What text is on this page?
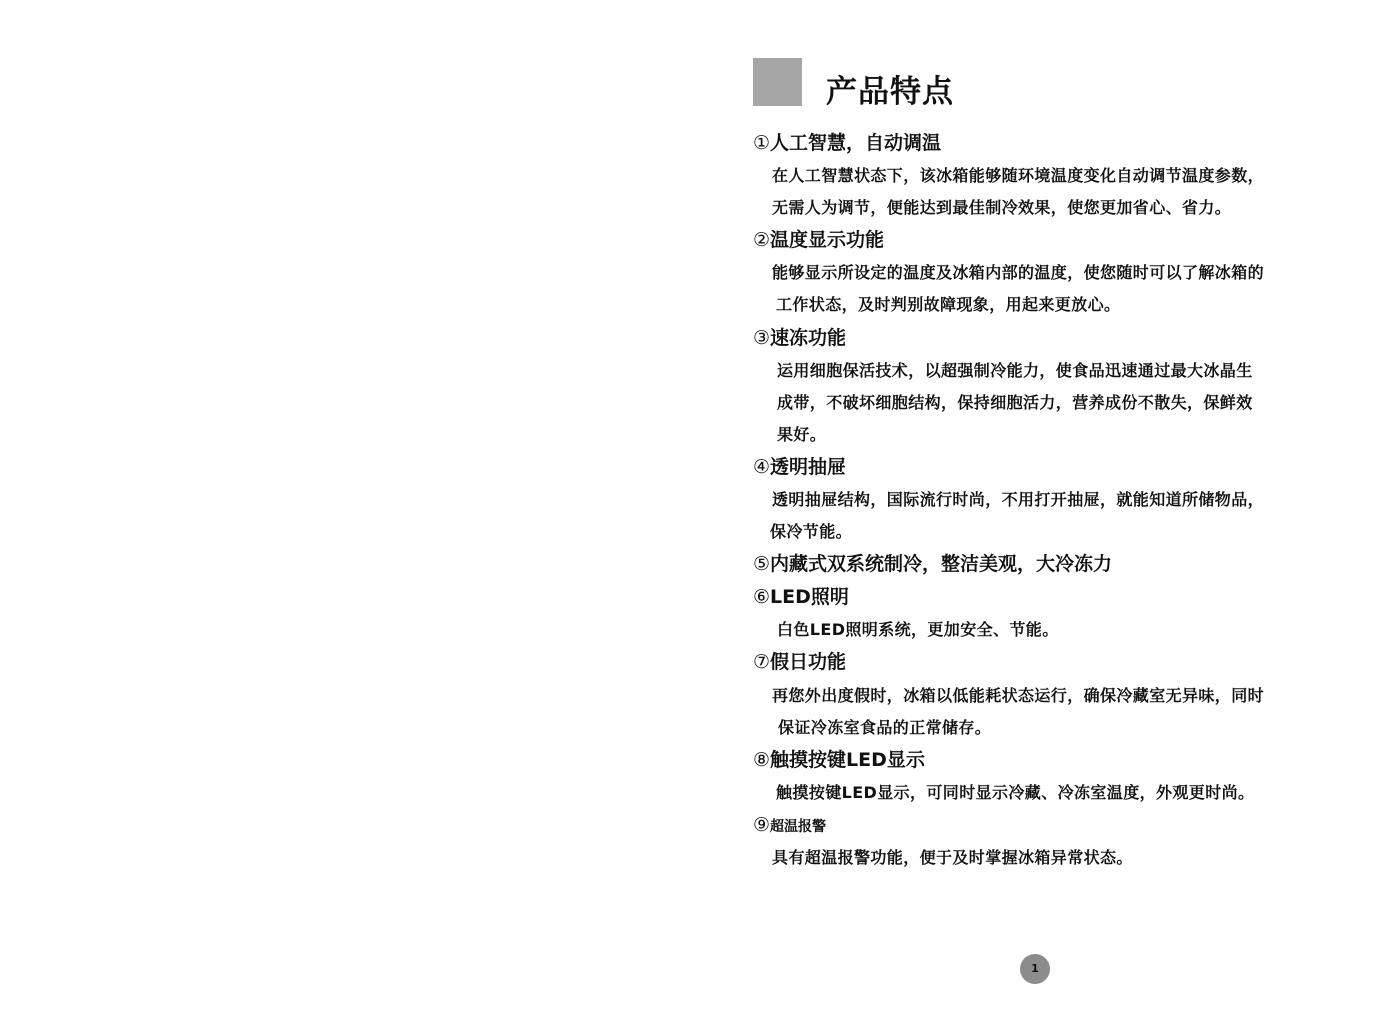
产品特点
①人工智慧，自动调温
在人工智慧状态下，该冰箱能够随环境温度变化自动调节温度参数，
无需人为调节，便能达到最佳制冷效果，使您更加省心、省力。
②温度显示功能
能够显示所设定的温度及冰箱内部的温度，使您随时可以了解冰箱的
工作状态，及时判别故障现象，用起来更放心。
③速冻功能
运用细胞保活技术，以超强制冷能力，使食品迅速通过最大冰晶生
成带，不破坏细胞结构，保持细胞活力，营养成份不散失，保鲜效
果好。
④透明抽屉
透明抽屉结构，国际流行时尚，不用打开抽屉，就能知道所储物品，
保冷节能。
⑤内藏式双系统制冷，整洁美观，大冷冻力
⑥LED照明
白色LED照明系统，更加安全、节能。
⑦假日功能
再您外出度假时，冰箱以低能耗状态运行，确保冷藏室无异味，同时
保证冷冻室食品的正常储存。
⑧触摸按键LED显示
触摸按键LED显示，可同时显示冷藏、冷冻室温度，外观更时尚。
⑨超温报警
具有超温报警功能，便于及时掌握冰箱异常状态。
1
